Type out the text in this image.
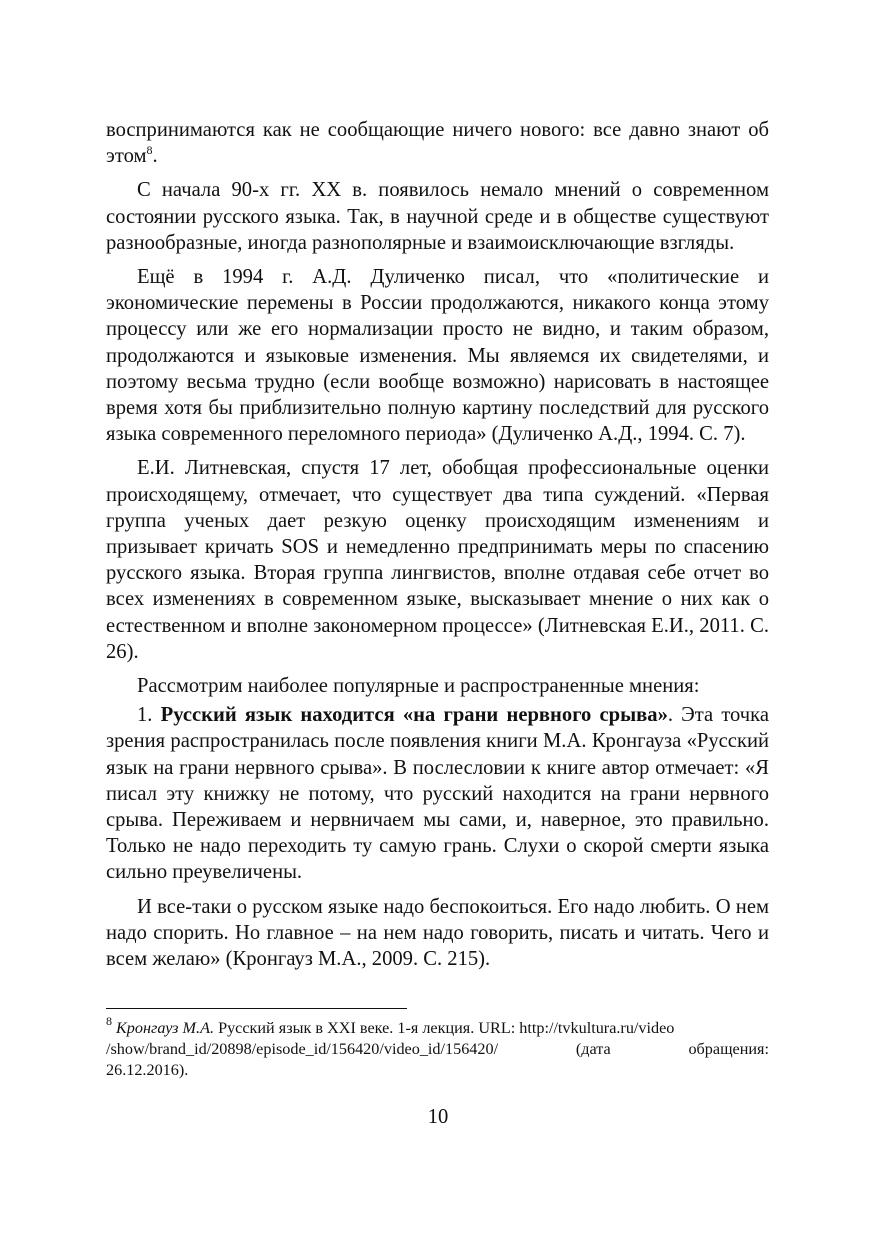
воспринимаются как не сообщающие ничего нового: все давно знают об этом$^8$.

С начала 90-х гг. XX в. появилось немало мнений о современном состоянии русского языка. Так, в научной среде и в обществе существуют разнообразные, иногда разнополярные и взаимоисключающие взгляды.

Ещё в 1994 г. А.Д. Дуличенко писал, что «политические и экономические перемены в России продолжаются, никакого конца этому процессу или же его нормализации просто не видно, и таким образом, продолжаются и языковые изменения. Мы являемся их свидетелями, и поэтому весьма трудно (если вообще возможно) нарисовать в настоящее время хотя бы приблизительно полную картину последствий для русского языка современного переломного периода» (Дуличенко А.Д., 1994. С. 7).

Е.И. Литневская, спустя 17 лет, обобщая профессиональные оценки происходящему, отмечает, что существует два типа суждений. «Первая группа ученых дает резкую оценку происходящим изменениям и призывает кричать SOS и немедленно предпринимать меры по спасению русского языка. Вторая группа лингвистов, вполне отдавая себе отчет во всех изменениях в современном языке, высказывает мнение о них как о естественном и вполне закономерном процессе» (Литневская Е.И., 2011. С. 26).

Рассмотрим наиболее популярные и распространенные мнения:

1. Русский язык находится «на грани нервного срыва». Эта точка зрения распространилась после появления книги М.А. Кронгауза «Русский язык на грани нервного срыва». В послесловии к книге автор отмечает: «Я писал эту книжку не потому, что русский находится на грани нервного срыва. Переживаем и нервничаем мы сами, и, наверное, это правильно. Только не надо переходить ту самую грань. Слухи о скорой смерти языка сильно преувеличены.

И все-таки о русском языке надо беспокоиться. Его надо любить. О нем надо спорить. Но главное – на нем надо говорить, писать и читать. Чего и всем желаю» (Кронгауз М.А., 2009. С. 215).

$^8$ Кронгауз М.А. Русский язык в XXI веке. 1-я лекция. URL: http://tvkultura.ru/video
/show/brand_id/20898/episode_id/156420/video_id/156420/ (дата обращения:
26.12.2016).
10
